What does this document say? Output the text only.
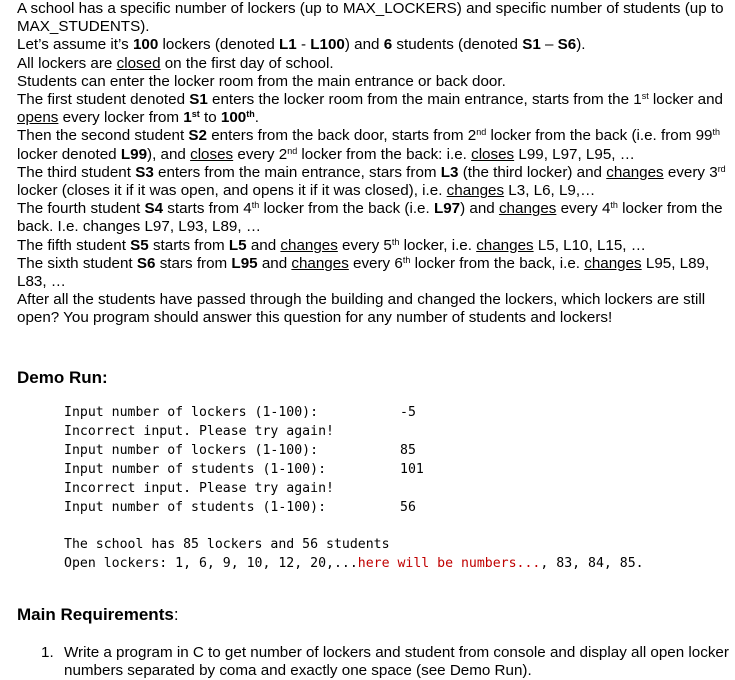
A school has a specific number of lockers (up to MAX_LOCKERS) and specific number of students (up to MAX_STUDENTS).

Let’s assume it’s 100 lockers (denoted L1 - L100) and 6 students (denoted S1 – S6).

All lockers are closed on the first day of school.

Students can enter the locker room from the main entrance or back door.

The first student denoted S1 enters the locker room from the main entrance, starts from the 1st locker and opens every locker from 1st to 100th.

Then the second student S2 enters from the back door, starts from 2nd locker from the back (i.e. from 99th locker denoted L99), and closes every 2nd locker from the back: i.e. closes L99, L97, L95, …

The third student S3 enters from the main entrance, stars from L3 (the third locker) and changes every 3rd locker (closes it if it was open, and opens it if it was closed), i.e. changes L3, L6, L9,…

The fourth student S4 starts from 4th locker from the back (i.e. L97) and changes every 4th locker from the back. I.e. changes L97, L93, L89, …

The fifth student S5 starts from L5 and changes every 5th locker, i.e. changes L5, L10, L15, …

The sixth student S6 stars from L95 and changes every 6th locker from the back, i.e. changes L95, L89, L83, …

After all the students have passed through the building and changed the lockers, which lockers are still open? You program should answer this question for any number of students and lockers!

Demo Run:
Input number of lockers (1-100):	-5
Incorrect input. Please try again!
Input number of lockers (1-100):	85
Input number of students (1-100):	101
Incorrect input. Please try again!
Input number of students (1-100):	56
The school has 85 lockers and 56 students
Open lockers: 1, 6, 9, 10, 12, 20,...here will be numbers..., 83, 84, 85.
Main Requirements:
1. Write a program in C to get number of lockers and student from console and display all open locker numbers separated by coma and exactly one space (see Demo Run).
